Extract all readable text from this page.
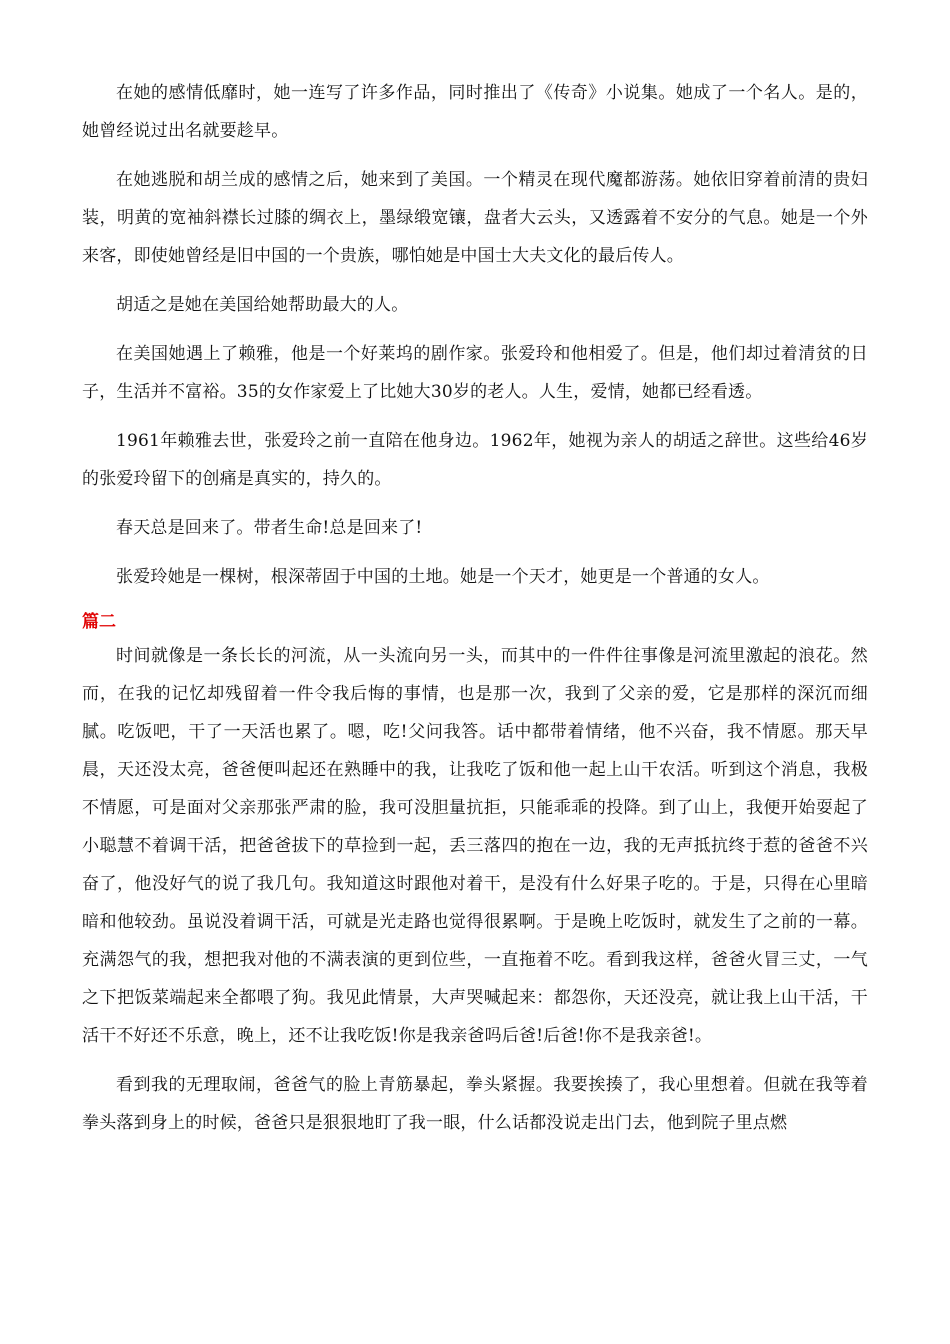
在她的感情低靡时，她一连写了许多作品，同时推出了《传奇》小说集。她成了一个名人。是的，她曾经说过出名就要趁早。

在她逃脱和胡兰成的感情之后，她来到了美国。一个精灵在现代魔都游荡。她依旧穿着前清的贵妇装，明黄的宽袖斜襟长过膝的绸衣上，墨绿缎宽镶，盘者大云头，又透露着不安分的气息。她是一个外来客，即使她曾经是旧中国的一个贵族，哪怕她是中国士大夫文化的最后传人。

胡适之是她在美国给她帮助最大的人。

在美国她遇上了赖雅，他是一个好莱坞的剧作家。张爱玲和他相爱了。但是，他们却过着清贫的日子，生活并不富裕。35的女作家爱上了比她大30岁的老人。人生，爱情，她都已经看透。

1961年赖雅去世，张爱玲之前一直陪在他身边。1962年，她视为亲人的胡适之辞世。这些给46岁的张爱玲留下的创痛是真实的，持久的。

春天总是回来了。带者生命!总是回来了!

张爱玲她是一棵树，根深蒂固于中国的土地。她是一个天才，她更是一个普通的女人。

篇二

时间就像是一条长长的河流，从一头流向另一头，而其中的一件件往事像是河流里激起的浪花。然而，在我的记忆却残留着一件令我后悔的事情，也是那一次，我到了父亲的爱，它是那样的深沉而细腻。吃饭吧，干了一天活也累了。嗯，吃!父问我答。话中都带着情绪，他不兴奋，我不情愿。那天早晨，天还没太亮，爸爸便叫起还在熟睡中的我，让我吃了饭和他一起上山干农活。听到这个消息，我极不情愿，可是面对父亲那张严肃的脸，我可没胆量抗拒，只能乖乖的投降。到了山上，我便开始耍起了小聪慧不着调干活，把爸爸拔下的草捡到一起，丢三落四的抱在一边，我的无声抵抗终于惹的爸爸不兴奋了，他没好气的说了我几句。我知道这时跟他对着干，是没有什么好果子吃的。于是，只得在心里暗暗和他较劲。虽说没着调干活，可就是光走路也觉得很累啊。于是晚上吃饭时，就发生了之前的一幕。充满怨气的我，想把我对他的不满表演的更到位些，一直拖着不吃。看到我这样，爸爸火冒三丈，一气之下把饭菜端起来全都喂了狗。我见此情景，大声哭喊起来：都怨你，天还没亮，就让我上山干活，干活干不好还不乐意，晚上，还不让我吃饭!你是我亲爸吗后爸!后爸!你不是我亲爸!。

看到我的无理取闹，爸爸气的脸上青筋暴起，拳头紧握。我要挨揍了，我心里想着。但就在我等着拳头落到身上的时候，爸爸只是狠狠地盯了我一眼，什么话都没说走出门去，他到院子里点燃
